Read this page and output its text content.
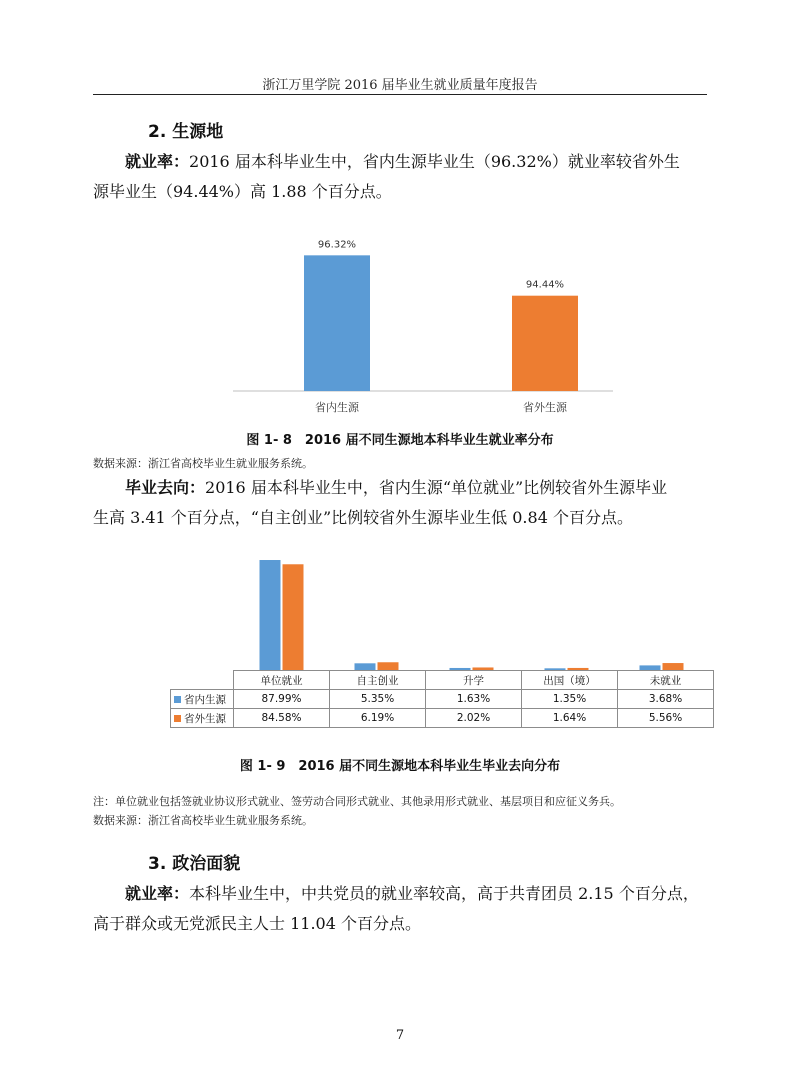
浙江万里学院 2016 届毕业生就业质量年度报告
2. 生源地
就业率：2016 届本科毕业生中，省内生源毕业生（96.32%）就业率较省外生
源毕业生（94.44%）高 1.88 个百分点。
96.32%
省内生源
94.44%
省外生源
图 1- 8　2016 届不同生源地本科毕业生就业率分布
数据来源：浙江省高校毕业生就业服务系统。
毕业去向：2016 届本科毕业生中，省内生源“单位就业”比例较省外生源毕业
生高 3.41 个百分点，“自主创业”比例较省外生源毕业生低 0.84 个百分点。
	单位就业	自主创业	升学	出国（境）	未就业
省内生源	87.99%	5.35%	1.63%	1.35%	3.68%
省外生源	84.58%	6.19%	2.02%	1.64%	5.56%
图 1- 9　2016 届不同生源地本科毕业生毕业去向分布
注：单位就业包括签就业协议形式就业、签劳动合同形式就业、其他录用形式就业、基层项目和应征义务兵。
数据来源：浙江省高校毕业生就业服务系统。
3. 政治面貌
就业率：本科毕业生中，中共党员的就业率较高，高于共青团员 2.15 个百分点，
高于群众或无党派民主人士 11.04 个百分点。
7
